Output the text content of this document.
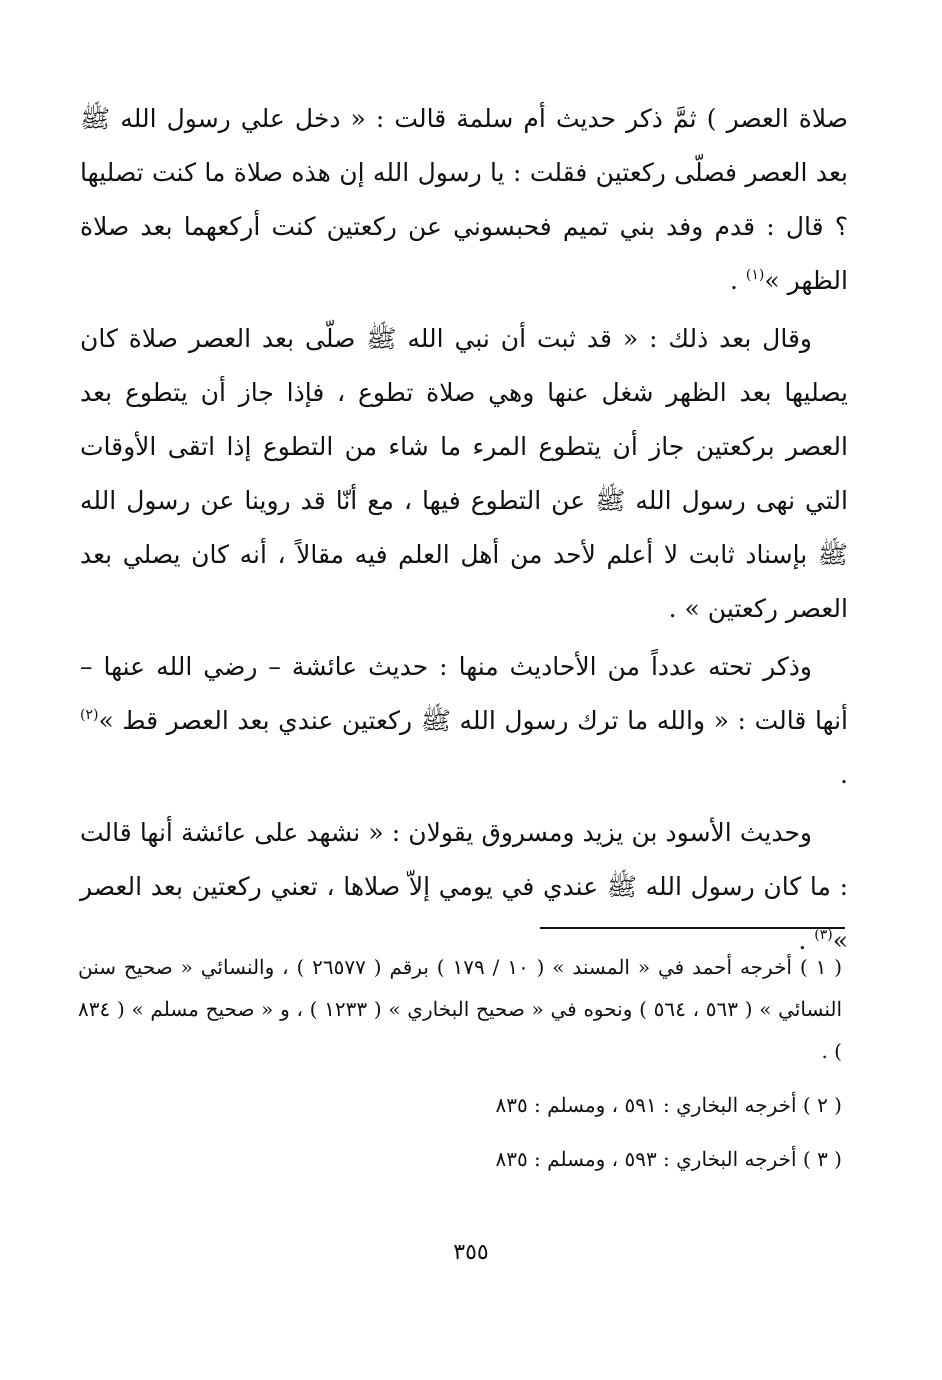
صلاة العصر ) ثمَّ ذكر حديث أم سلمة قالت : « دخل علي رسول الله ﷺ بعد العصر فصلّى ركعتين فقلت : يا رسول الله إن هذه صلاة ما كنت تصليها ؟ قال : قدم وفد بني تميم فحبسوني عن ركعتين كنت أركعهما بعد صلاة الظهر »$^{(١)}$ .

وقال بعد ذلك : « قد ثبت أن نبي الله ﷺ صلّى بعد العصر صلاة كان يصليها بعد الظهر شغل عنها وهي صلاة تطوع ، فإذا جاز أن يتطوع بعد العصر بركعتين جاز أن يتطوع المرء ما شاء من التطوع إذا اتقى الأوقات التي نهى رسول الله ﷺ عن التطوع فيها ، مع أنّا قد روينا عن رسول الله ﷺ بإسناد ثابت لا أعلم لأحد من أهل العلم فيه مقالاً ، أنه كان يصلي بعد العصر ركعتين » .

وذكر تحته عدداً من الأحاديث منها : حديث عائشة – رضي الله عنها – أنها قالت : « والله ما ترك رسول الله ﷺ ركعتين عندي بعد العصر قط »$^{(٢)}$ .

وحديث الأسود بن يزيد ومسروق يقولان : « نشهد على عائشة أنها قالت : ما كان رسول الله ﷺ عندي في يومي إلاّ صلاها ، تعني ركعتين بعد العصر »$^{(٣)}$ .

( ١ ) أخرجه أحمد في « المسند » ( ١٠ / ١٧٩ ) برقم ( ٢٦٥٧٧ ) ، والنسائي « صحيح سنن النسائي » ( ٥٦٣ ، ٥٦٤ ) ونحوه في « صحيح البخاري » ( ١٢٣٣ ) ، و « صحيح مسلم » ( ٨٣٤ ) .

( ٢ ) أخرجه البخاري : ٥٩١ ، ومسلم : ٨٣٥

( ٣ ) أخرجه البخاري : ٥٩٣ ، ومسلم : ٨٣٥

٣٥٥
